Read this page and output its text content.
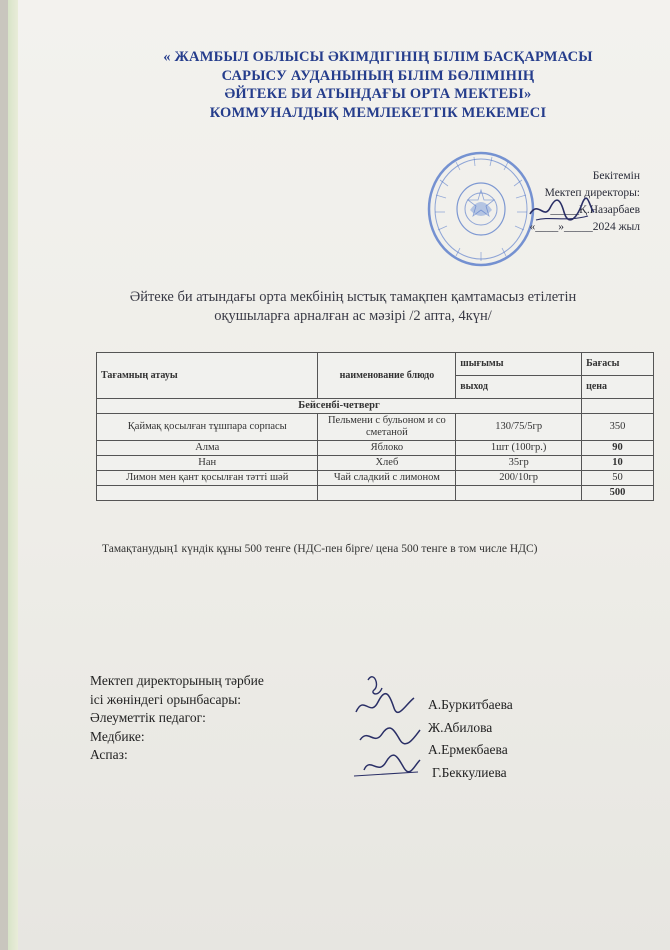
« ЖАМБЫЛ ОБЛЫСЫ ӘКІМДІГІНІҢ БІЛІМ БАСҚАРМАСЫ
САРЫСУ АУДАНЫНЫҢ БІЛІМ БӨЛІМІНІҢ
ӘЙТЕКЕ БИ АТЫНДАҒЫ ОРТА МЕКТЕБІ»
КОММУНАЛДЫҚ МЕМЛЕКЕТТІК МЕКЕМЕСІ
Бекітемін
Мектеп директоры:
_____Қ.Назарбаев
«____»_____2024 жыл
Әйтеке би атындағы орта мекбінің ыстық тамақпен қамтамасыз етілетін
оқушыларға арналған ас мәзірі /2 апта, 4күн/
Тағамның атауы	наименование блюдо	шығымы	Бағасы
		выход	цена
Бейсенбі-четверг			
Қаймақ қосылған тұшпара сорпасы	Пельмени с бульоном и со сметаной	130/75/5гр	350
Алма	Яблоко	1шт (100гр.)	90
Нан	Хлеб	35гр	10
Лимон мен қант қосылған тәтті шәй	Чай сладкий с лимоном	200/10гр	50
			500
Тамақтанудың1 күндік құны 500 тенге (НДС-пен бірге/ цена 500 тенге в том числе НДС)
Мектеп директорының тәрбие
ісі жөніндегі орынбасары:
Әлеуметтік педагог:
Медбике:
Аспаз:
А.Буркитбаева
Ж.Абилова
А.Ермекбаева
Г.Беккулиева
